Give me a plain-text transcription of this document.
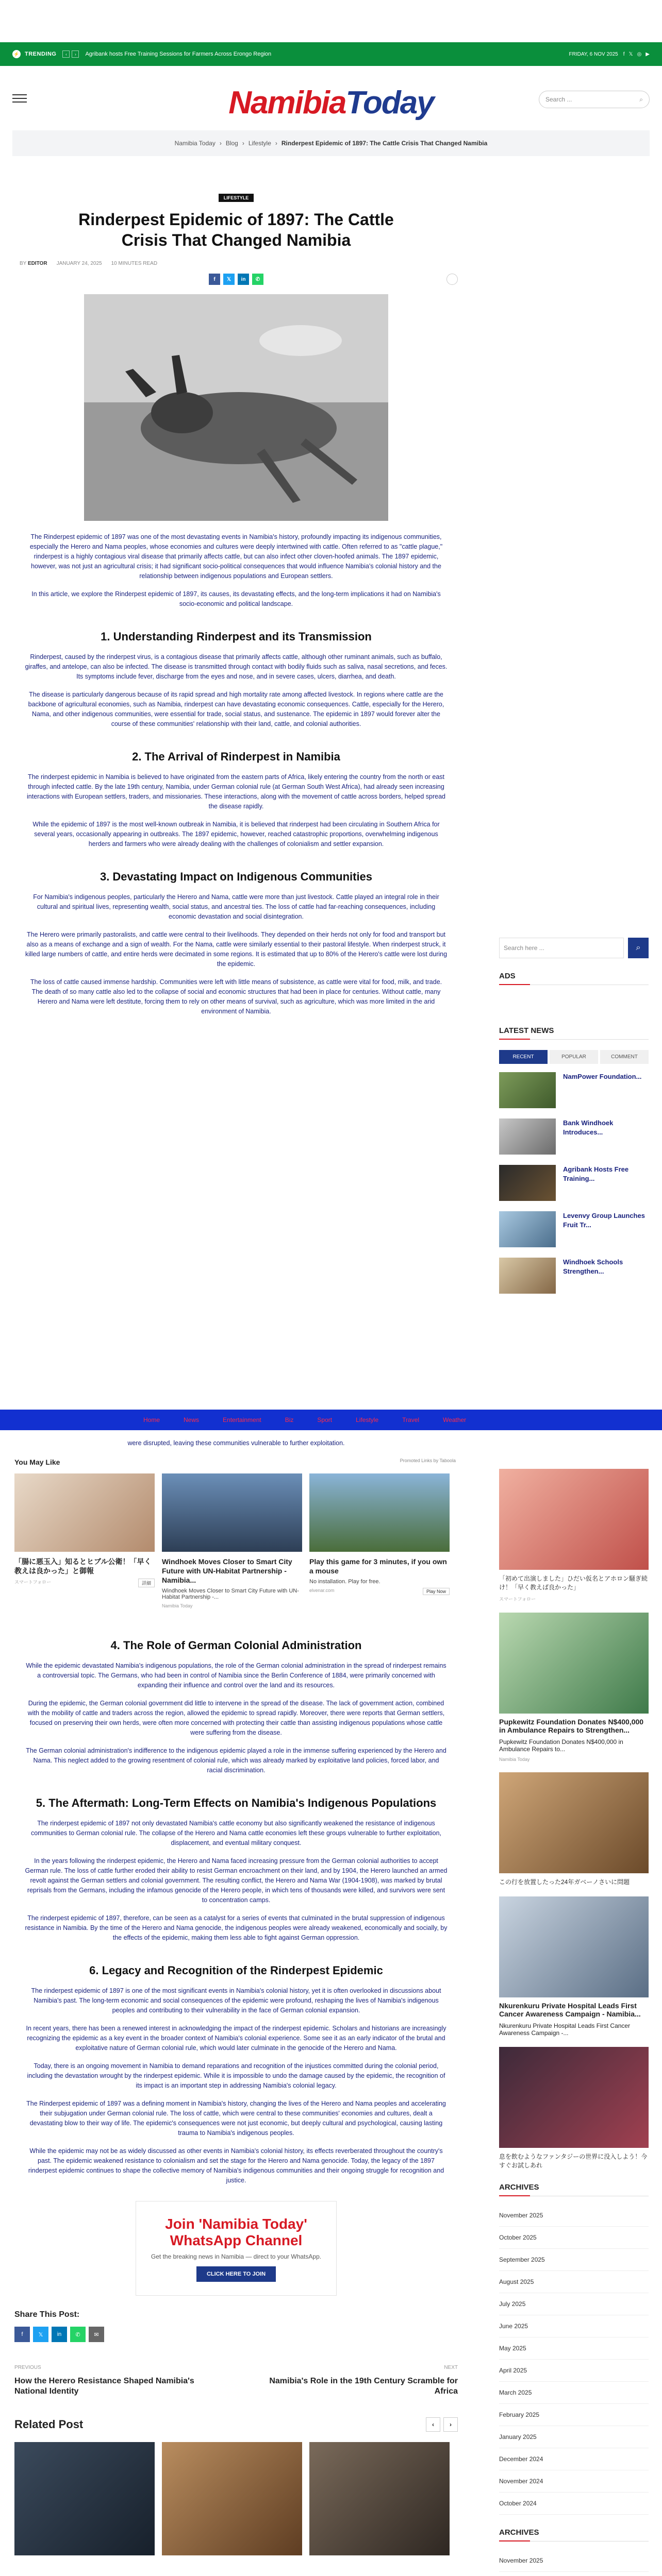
⚡ TRENDING	‹	›	Agribank hosts Free Training Sessions for Farmers Across Erongo Region	FRIDAY, 6 NOV 2025 f 𝕏 ◎ ▶
NamibiaToday	Search ...	⌕
Namibia Today › Blog › Lifestyle › Rinderpest Epidemic of 1897: The Cattle Crisis That Changed Namibia
LIFESTYLE
Rinderpest Epidemic of 1897: The Cattle Crisis That Changed Namibia
BY EDITOR JANUARY 24, 2025 10 MINUTES READ
f	𝕏	in	✆	✉

The Rinderpest epidemic of 1897 was one of the most devastating events in Namibia's history, profoundly impacting its indigenous communities, especially the Herero and Nama peoples, whose economies and cultures were deeply intertwined with cattle. Often referred to as "cattle plague," rinderpest is a highly contagious viral disease that primarily affects cattle, but can also infect other cloven-hoofed animals. The 1897 epidemic, however, was not just an agricultural crisis; it had significant socio-political consequences that would influence Namibia's colonial history and the relationship between indigenous populations and European settlers.

In this article, we explore the Rinderpest epidemic of 1897, its causes, its devastating effects, and the long-term implications it had on Namibia's socio-economic and political landscape.

1. Understanding Rinderpest and its Transmission

Rinderpest, caused by the rinderpest virus, is a contagious disease that primarily affects cattle, although other ruminant animals, such as buffalo, giraffes, and antelope, can also be infected. The disease is transmitted through contact with bodily fluids such as saliva, nasal secretions, and feces. Its symptoms include fever, discharge from the eyes and nose, and in severe cases, ulcers, diarrhea, and death.

The disease is particularly dangerous because of its rapid spread and high mortality rate among affected livestock. In regions where cattle are the backbone of agricultural economies, such as Namibia, rinderpest can have devastating economic consequences. Cattle, especially for the Herero, Nama, and other indigenous communities, were essential for trade, social status, and sustenance. The epidemic in 1897 would forever alter the course of these communities' relationship with their land, cattle, and colonial authorities.

2. The Arrival of Rinderpest in Namibia

The rinderpest epidemic in Namibia is believed to have originated from the eastern parts of Africa, likely entering the country from the north or east through infected cattle. By the late 19th century, Namibia, under German colonial rule (at German South West Africa), had already seen increasing interactions with European settlers, traders, and missionaries. These interactions, along with the movement of cattle across borders, helped spread the disease rapidly.

While the epidemic of 1897 is the most well-known outbreak in Namibia, it is believed that rinderpest had been circulating in Southern Africa for several years, occasionally appearing in outbreaks. The 1897 epidemic, however, reached catastrophic proportions, overwhelming indigenous herders and farmers who were already dealing with the challenges of colonialism and settler expansion.

3. Devastating Impact on Indigenous Communities

For Namibia's indigenous peoples, particularly the Herero and Nama, cattle were more than just livestock. Cattle played an integral role in their cultural and spiritual lives, representing wealth, social status, and ancestral ties. The loss of cattle had far-reaching consequences, including economic devastation and social disintegration.

The Herero were primarily pastoralists, and cattle were central to their livelihoods. They depended on their herds not only for food and transport but also as a means of exchange and a sign of wealth. For the Nama, cattle were similarly essential to their pastoral lifestyle. When rinderpest struck, it killed large numbers of cattle, and entire herds were decimated in some regions. It is estimated that up to 80% of the Herero's cattle were lost during the epidemic.

The loss of cattle caused immense hardship. Communities were left with little means of subsistence, as cattle were vital for food, milk, and trade. The death of so many cattle also led to the collapse of social and economic structures that had been in place for centuries. Without cattle, many Herero and Nama were left destitute, forcing them to rely on other means of survival, such as agriculture, which was more limited in the arid environment of Namibia.

Home	News	Entertainment	Biz	Sport	Lifestyle	Travel	Weather
were disrupted, leaving these communities vulnerable to further exploitation.
You May Like	Promoted Links by Taboola
「腸に悪玉入」知るとヒブル公衛！「早く教えは良かった」と御報
スマートフォロー	詳細
Windhoek Moves Closer to Smart City Future with UN-Habitat Partnership - Namibia...
Windhoek Moves Closer to Smart City Future with UN-Habitat Partnership -...
Namibia Today
Play this game for 3 minutes, if you own a mouse
No installation. Play for free.
elvenar.com	Play Now
4. The Role of German Colonial Administration

While the epidemic devastated Namibia's indigenous populations, the role of the German colonial administration in the spread of rinderpest remains a controversial topic. The Germans, who had been in control of Namibia since the Berlin Conference of 1884, were primarily concerned with expanding their influence and control over the land and its resources.

During the epidemic, the German colonial government did little to intervene in the spread of the disease. The lack of government action, combined with the mobility of cattle and traders across the region, allowed the epidemic to spread rapidly. Moreover, there were reports that German settlers, focused on preserving their own herds, were often more concerned with protecting their cattle than assisting indigenous populations whose cattle were suffering from the disease.

The German colonial administration's indifference to the indigenous epidemic played a role in the immense suffering experienced by the Herero and Nama. This neglect added to the growing resentment of colonial rule, which was already marked by exploitative land policies, forced labor, and racial discrimination.

5. The Aftermath: Long-Term Effects on Namibia's Indigenous Populations

The rinderpest epidemic of 1897 not only devastated Namibia's cattle economy but also significantly weakened the resistance of indigenous communities to German colonial rule. The collapse of the Herero and Nama cattle economies left these groups vulnerable to further exploitation, displacement, and eventual military conquest.

In the years following the rinderpest epidemic, the Herero and Nama faced increasing pressure from the German colonial authorities to accept German rule. The loss of cattle further eroded their ability to resist German encroachment on their land, and by 1904, the Herero launched an armed revolt against the German settlers and colonial government. The resulting conflict, the Herero and Nama War (1904-1908), was marked by brutal reprisals from the Germans, including the infamous genocide of the Herero people, in which tens of thousands were killed, and survivors were sent to concentration camps.

The rinderpest epidemic of 1897, therefore, can be seen as a catalyst for a series of events that culminated in the brutal suppression of indigenous resistance in Namibia. By the time of the Herero and Nama genocide, the indigenous peoples were already weakened, economically and socially, by the effects of the epidemic, making them less able to fight against German oppression.

6. Legacy and Recognition of the Rinderpest Epidemic

The rinderpest epidemic of 1897 is one of the most significant events in Namibia's colonial history, yet it is often overlooked in discussions about Namibia's past. The long-term economic and social consequences of the epidemic were profound, reshaping the lives of Namibia's indigenous peoples and contributing to their vulnerability in the face of German colonial expansion.

In recent years, there has been a renewed interest in acknowledging the impact of the rinderpest epidemic. Scholars and historians are increasingly recognizing the epidemic as a key event in the broader context of Namibia's colonial experience. Some see it as an early indicator of the brutal and exploitative nature of German colonial rule, which would later culminate in the genocide of the Herero and Nama.

Today, there is an ongoing movement in Namibia to demand reparations and recognition of the injustices committed during the colonial period, including the devastation wrought by the rinderpest epidemic. While it is impossible to undo the damage caused by the epidemic, the recognition of its impact is an important step in addressing Namibia's colonial legacy.

The Rinderpest epidemic of 1897 was a defining moment in Namibia's history, changing the lives of the Herero and Nama peoples and accelerating their subjugation under German colonial rule. The loss of cattle, which were central to these communities' economies and cultures, dealt a devastating blow to their way of life. The epidemic's consequences were not just economic, but deeply cultural and psychological, causing lasting trauma to Namibia's indigenous peoples.

While the epidemic may not be as widely discussed as other events in Namibia's colonial history, its effects reverberated throughout the country's past. The epidemic weakened resistance to colonialism and set the stage for the Herero and Nama genocide. Today, the legacy of the 1897 rinderpest epidemic continues to shape the collective memory of Namibia's indigenous communities and their ongoing struggle for recognition and justice.

Join 'Namibia Today' WhatsApp Channel

Get the breaking news in Namibia — direct to your WhatsApp.

CLICK HERE TO JOIN
Share This Post:
f	𝕏	in	✆	✉
PREVIOUS
How the Herero Resistance Shaped Namibia's National Identity
NEXT
Namibia's Role in the 19th Century Scramble for Africa
Related Post	‹	›
Search here ...	⌕
ADS
LATEST NEWS
RECENT	POPULAR	COMMENT
NamPower Foundation...
Bank Windhoek Introduces...
Agribank Hosts Free Training...
Levenvy Group Launches Fruit Tr...
Windhoek Schools Strengthen...
「初めて出演しました」ひだい仮名とアホロン騒ぎ続け！「早く教えば良かった」
スマートフォロー
Pupkewitz Foundation Donates N$400,000 in Ambulance Repairs to Strengthen...
Pupkewitz Foundation Donates N$400,000 in Ambulance Repairs to...
Namibia Today
この行を放置したった24年ガベーノさいに問題
Nkurenkuru Private Hospital Leads First Cancer Awareness Campaign - Namibia...
Nkurenkuru Private Hospital Leads First Cancer Awareness Campaign -...
息を飲むようなファンタジーの世界に没入しよう！今すぐお試しあれ
ARCHIVES
November 2025
October 2025
September 2025
August 2025
July 2025
June 2025
May 2025
April 2025
March 2025
February 2025
January 2025
December 2024
November 2024
October 2024
ARCHIVES
November 2025
